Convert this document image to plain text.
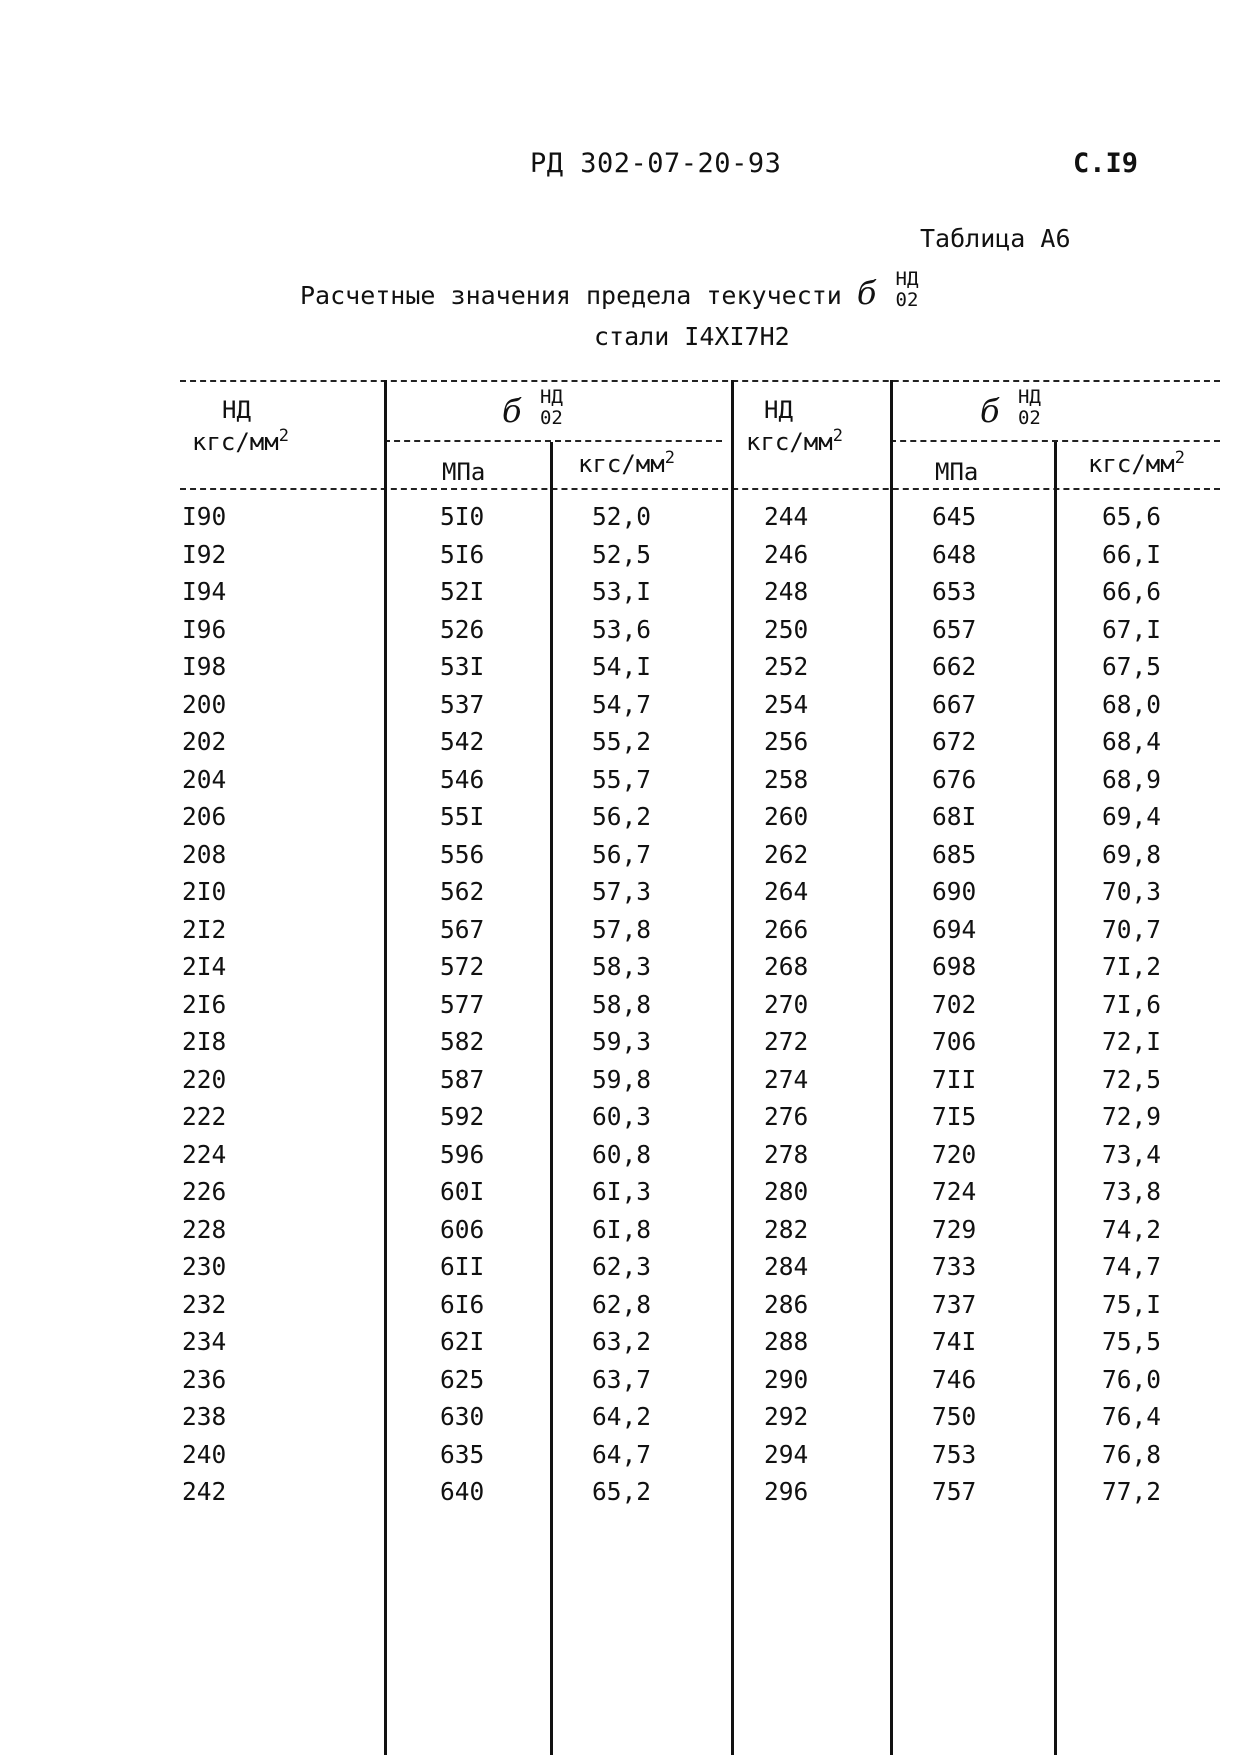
РД 302-07-20-93	С.I9
Таблица А6
Расчетные значения предела текучести б НД
02
стали I4XI7H2
НД
кгс/$мм^2$
б НД
02
МПа	кгс/$мм^2$
НД
кгс/$мм^2$
б НД
02
МПа	кгс/$мм^2$
I90	5I0	52,0	244	645	65,6
I92	5I6	52,5	246	648	66,I
I94	52I	53,I	248	653	66,6
I96	526	53,6	250	657	67,I
I98	53I	54,I	252	662	67,5
200	537	54,7	254	667	68,0
202	542	55,2	256	672	68,4
204	546	55,7	258	676	68,9
206	55I	56,2	260	68I	69,4
208	556	56,7	262	685	69,8
2I0	562	57,3	264	690	70,3
2I2	567	57,8	266	694	70,7
2I4	572	58,3	268	698	7I,2
2I6	577	58,8	270	702	7I,6
2I8	582	59,3	272	706	72,I
220	587	59,8	274	7II	72,5
222	592	60,3	276	7I5	72,9
224	596	60,8	278	720	73,4
226	60I	6I,3	280	724	73,8
228	606	6I,8	282	729	74,2
230	6II	62,3	284	733	74,7
232	6I6	62,8	286	737	75,I
234	62I	63,2	288	74I	75,5
236	625	63,7	290	746	76,0
238	630	64,2	292	750	76,4
240	635	64,7	294	753	76,8
242	640	65,2	296	757	77,2
